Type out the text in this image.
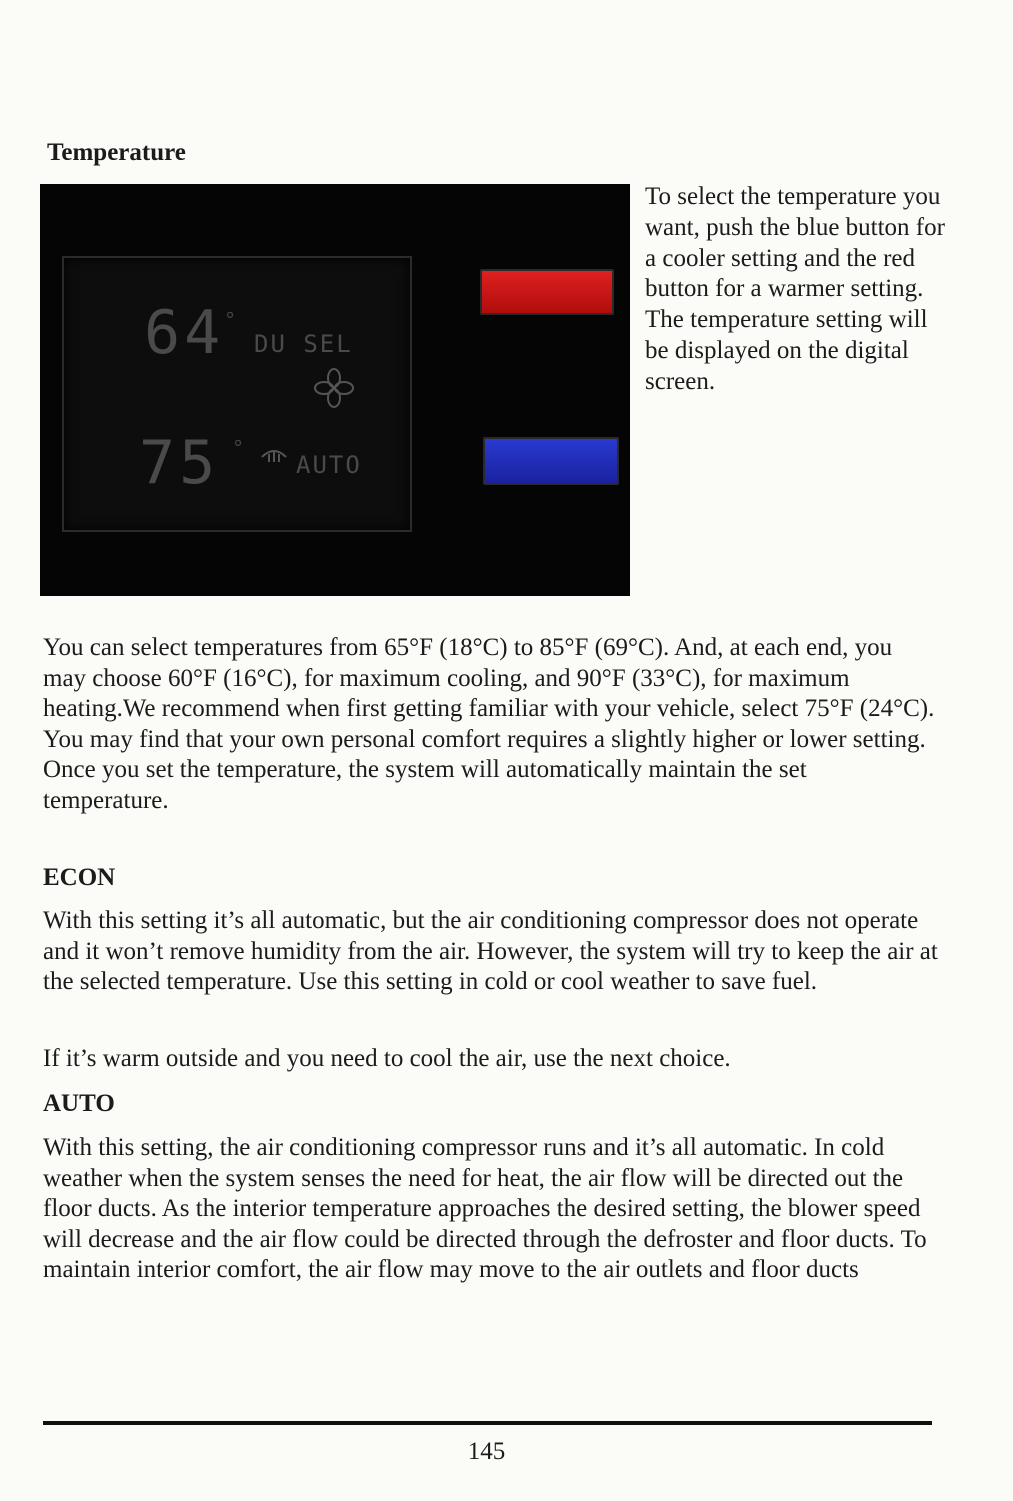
Temperature
64 °
DU SEL
75 °
AUTO

To select the temperature you want, push the blue button for a cooler setting and the red button for a warmer setting. The temperature setting will be displayed on the digital screen.

You can select temperatures from 65°F (18°C) to 85°F (69°C). And, at each end, you may choose 60°F (16°C), for maximum cooling, and 90°F (33°C), for maximum heating.We recommend when first getting familiar with your vehicle, select 75°F (24°C). You may find that your own personal comfort requires a slightly higher or lower setting. Once you set the temperature, the system will automatically maintain the set temperature.

ECON

With this setting it’s all automatic, but the air conditioning compressor does not operate and it won’t remove humidity from the air. However, the system will try to keep the air at the selected temperature. Use this setting in cold or cool weather to save fuel.

If it’s warm outside and you need to cool the air, use the next choice.

AUTO

With this setting, the air conditioning compressor runs and it’s all automatic. In cold weather when the system senses the need for heat, the air flow will be directed out the floor ducts. As the interior temperature approaches the desired setting, the blower speed will decrease and the air flow could be directed through the defroster and floor ducts. To maintain interior comfort, the air flow may move to the air outlets and floor ducts

145
